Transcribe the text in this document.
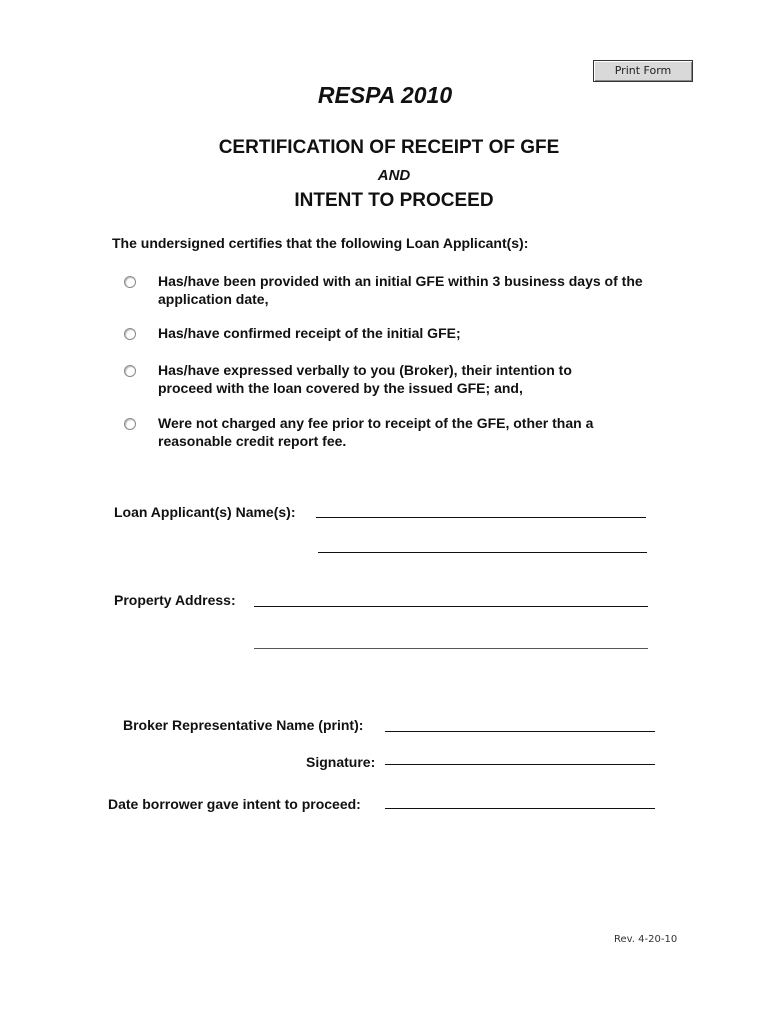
Print Form
RESPA 2010
CERTIFICATION OF RECEIPT OF GFE
AND
INTENT TO PROCEED
The undersigned certifies that the following Loan Applicant(s):
Has/have been provided with an initial GFE within 3 business days of the application date,
Has/have confirmed receipt of the initial GFE;
Has/have expressed verbally to you (Broker), their intention to proceed with the loan covered by the issued GFE; and,
Were not charged any fee prior to receipt of the GFE, other than a reasonable credit report fee.
Loan Applicant(s) Name(s):
Property Address:
Broker Representative Name (print):
Signature:
Date borrower gave intent to proceed:
Rev. 4-20-10
